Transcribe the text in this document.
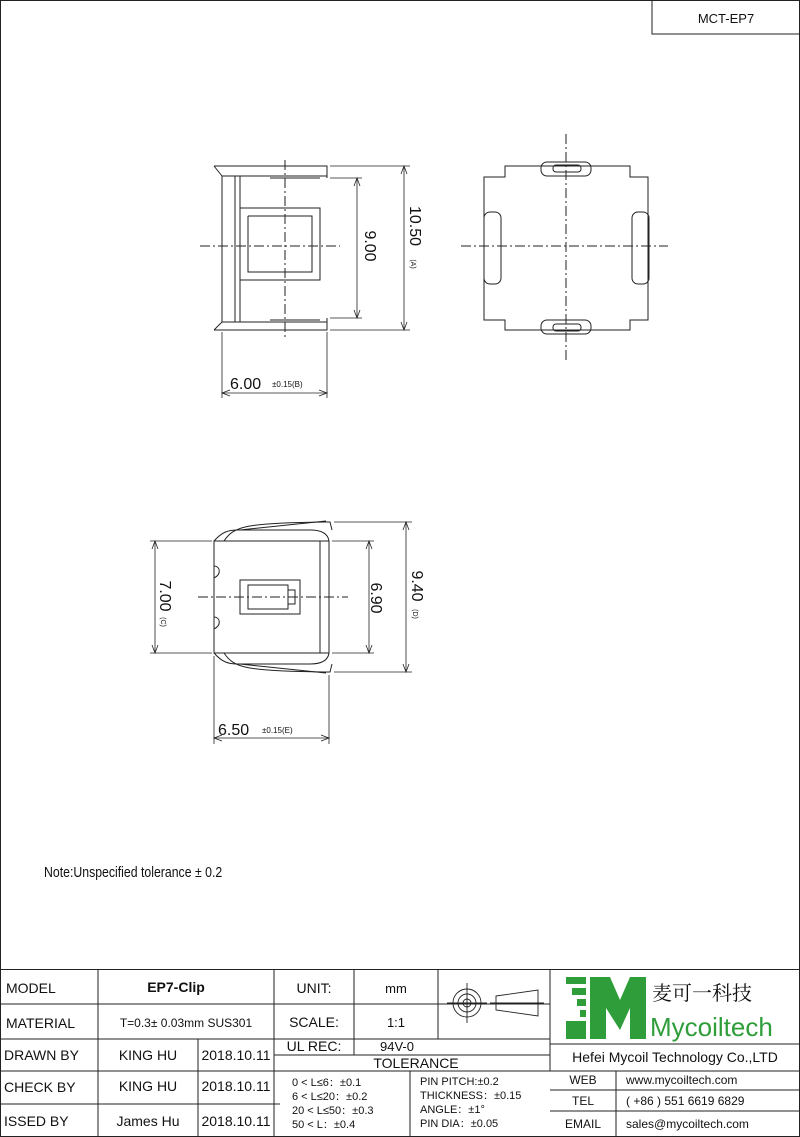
MCT-EP7
9.00 10.50
(A)
6.00 ±0.15(B)
7.00
(C)
6.90 9.40
(D)
6.50 ±0.15(E)
Note:Unspecified tolerance ± 0.2
MODEL	EP7-Clip	UNIT:	mm
MATERIAL	T=0.3± 0.03mm SUS301	SCALE:	1:1
UL REC:	94V-0
TOLERANCE
DRAWN BY	KING HU 2018.10.11
CHECK BY	KING HU 2018.10.11
ISSED BY	James Hu 2018.10.11
0 < L≤6：±0.1
6 < L≤20：±0.2
20 < L≤50：±0.3
50 < L：±0.4
PIN PITCH:±0.2
THICKNESS：±0.15
ANGLE：±1°
PIN DIA：±0.05
麦可一科技
Mycoiltech
Hefei Mycoil Technology Co.,LTD
WEB www.mycoiltech.com
TEL	( +86 ) 551 6619 6829
EMAIL sales@mycoiltech.com
